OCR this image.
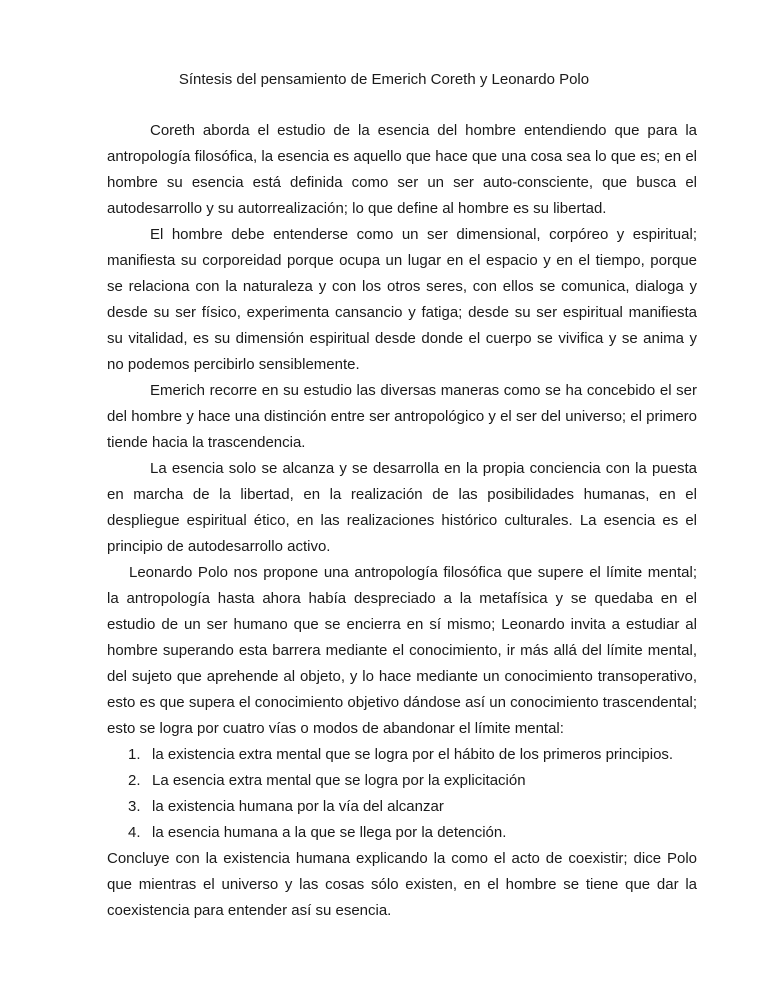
Síntesis del pensamiento de Emerich Coreth y Leonardo Polo

Coreth aborda el estudio de la esencia del hombre entendiendo que para la antropología filosófica, la esencia es aquello que hace que una cosa sea lo que es; en el hombre su esencia está definida como ser un ser auto-consciente, que busca el autodesarrollo y su autorrealización; lo que define al hombre es su libertad.

El hombre debe entenderse como un ser dimensional, corpóreo y espiritual; manifiesta su corporeidad porque ocupa un lugar en el espacio y en el tiempo, porque se relaciona con la naturaleza y con los otros seres, con ellos se comunica, dialoga y desde su ser físico, experimenta cansancio y fatiga; desde su ser espiritual manifiesta su vitalidad, es su dimensión espiritual desde donde el cuerpo se vivifica y se anima y no podemos percibirlo sensiblemente.

Emerich recorre en su estudio las diversas maneras como se ha concebido el ser del hombre y hace una distinción entre ser antropológico y el ser del universo; el primero tiende hacia la trascendencia.

La esencia solo se alcanza y se desarrolla en la propia conciencia con la puesta en marcha de la libertad, en la realización de las posibilidades humanas, en el despliegue espiritual ético, en las realizaciones histórico culturales. La esencia es el principio de autodesarrollo activo.

Leonardo Polo nos propone una antropología filosófica que supere el límite mental; la antropología hasta ahora había despreciado a la metafísica y se quedaba en el estudio de un ser humano que se encierra en sí mismo; Leonardo invita a estudiar al hombre superando esta barrera mediante el conocimiento, ir más allá del límite mental, del sujeto que aprehende al objeto, y lo hace mediante un conocimiento transoperativo, esto es que supera el conocimiento objetivo dándose así un conocimiento trascendental; esto se logra por cuatro vías o modos de abandonar el límite mental:

1. la existencia extra mental que se logra por el hábito de los primeros principios.
2. La esencia extra mental que se logra por la explicitación
3. la existencia humana por la vía del alcanzar
4. la esencia humana a la que se llega por la detención.

Concluye con la existencia humana explicando la como el acto de coexistir; dice Polo que mientras el universo y las cosas sólo existen, en el hombre se tiene que dar la coexistencia para entender así su esencia.
